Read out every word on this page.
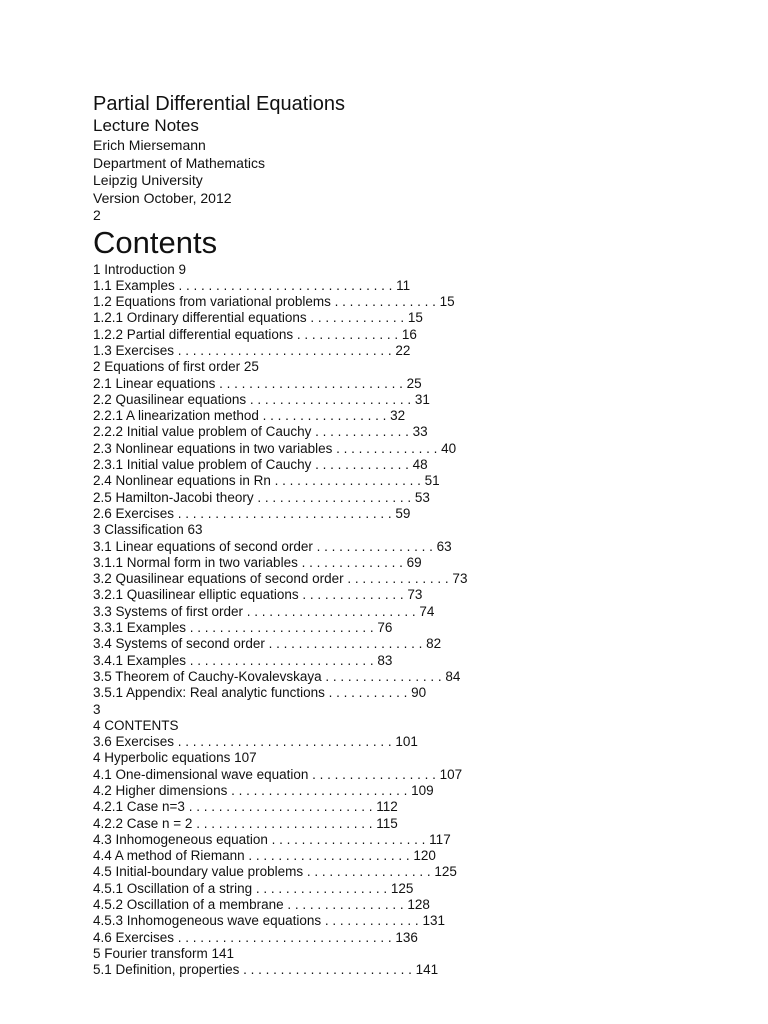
Partial Differential Equations
Lecture Notes
Erich Miersemann
Department of Mathematics
Leipzig University
Version October, 2012
2
Contents
1 Introduction 9
1.1 Examples . . . . . . . . . . . . . . . . . . . . . . . . . . . . . 11
1.2 Equations from variational problems . . . . . . . . . . . . . . 15
1.2.1 Ordinary differential equations . . . . . . . . . . . . . 15
1.2.2 Partial differential equations . . . . . . . . . . . . . . 16
1.3 Exercises . . . . . . . . . . . . . . . . . . . . . . . . . . . . . 22
2 Equations of first order 25
2.1 Linear equations . . . . . . . . . . . . . . . . . . . . . . . . . 25
2.2 Quasilinear equations . . . . . . . . . . . . . . . . . . . . . . 31
2.2.1 A linearization method . . . . . . . . . . . . . . . . . 32
2.2.2 Initial value problem of Cauchy . . . . . . . . . . . . . 33
2.3 Nonlinear equations in two variables . . . . . . . . . . . . . . 40
2.3.1 Initial value problem of Cauchy . . . . . . . . . . . . . 48
2.4 Nonlinear equations in Rn . . . . . . . . . . . . . . . . . . . . 51
2.5 Hamilton-Jacobi theory . . . . . . . . . . . . . . . . . . . . . 53
2.6 Exercises . . . . . . . . . . . . . . . . . . . . . . . . . . . . . 59
3 Classification 63
3.1 Linear equations of second order . . . . . . . . . . . . . . . . 63
3.1.1 Normal form in two variables . . . . . . . . . . . . . . 69
3.2 Quasilinear equations of second order . . . . . . . . . . . . . . 73
3.2.1 Quasilinear elliptic equations . . . . . . . . . . . . . . 73
3.3 Systems of first order . . . . . . . . . . . . . . . . . . . . . . . 74
3.3.1 Examples . . . . . . . . . . . . . . . . . . . . . . . . . 76
3.4 Systems of second order . . . . . . . . . . . . . . . . . . . . . 82
3.4.1 Examples . . . . . . . . . . . . . . . . . . . . . . . . . 83
3.5 Theorem of Cauchy-Kovalevskaya . . . . . . . . . . . . . . . . 84
3.5.1 Appendix: Real analytic functions . . . . . . . . . . . 90
3
4 CONTENTS
3.6 Exercises . . . . . . . . . . . . . . . . . . . . . . . . . . . . . 101
4 Hyperbolic equations 107
4.1 One-dimensional wave equation . . . . . . . . . . . . . . . . . 107
4.2 Higher dimensions . . . . . . . . . . . . . . . . . . . . . . . . 109
4.2.1 Case n=3 . . . . . . . . . . . . . . . . . . . . . . . . . 112
4.2.2 Case n = 2 . . . . . . . . . . . . . . . . . . . . . . . . 115
4.3 Inhomogeneous equation . . . . . . . . . . . . . . . . . . . . . 117
4.4 A method of Riemann . . . . . . . . . . . . . . . . . . . . . . 120
4.5 Initial-boundary value problems . . . . . . . . . . . . . . . . . 125
4.5.1 Oscillation of a string . . . . . . . . . . . . . . . . . . 125
4.5.2 Oscillation of a membrane . . . . . . . . . . . . . . . . 128
4.5.3 Inhomogeneous wave equations . . . . . . . . . . . . . 131
4.6 Exercises . . . . . . . . . . . . . . . . . . . . . . . . . . . . . 136
5 Fourier transform 141
5.1 Definition, properties . . . . . . . . . . . . . . . . . . . . . . . 141
